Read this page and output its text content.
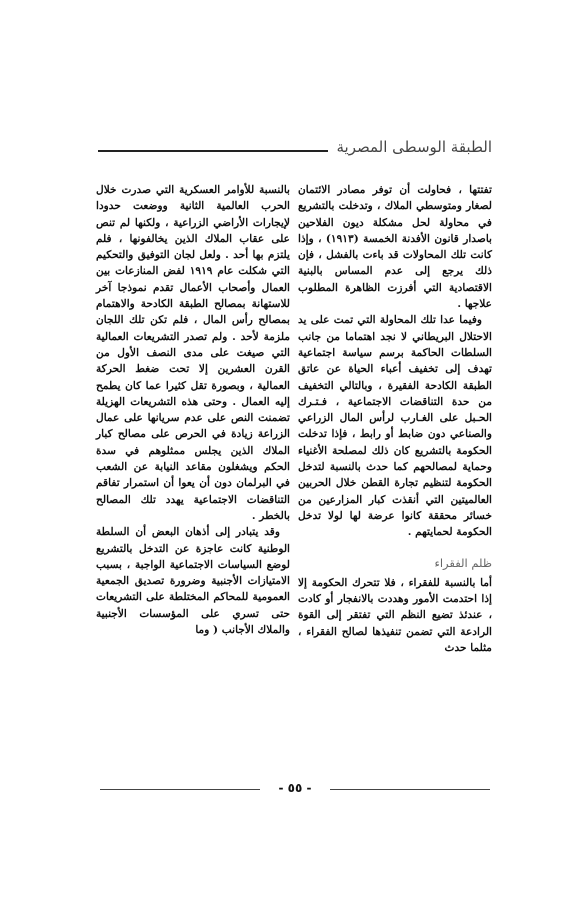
الطبقة الوسطى المصرية

تفتتها ، فحاولت أن توفر مصادر الائتمان لصغار ومتوسطي الملاك ، وتدخلت بالتشريع في محاولة لحل مشكلة ديون الفلاحين باصدار قانون الأفدنة الخمسة (١٩١٣) ، وإذا كانت تلك المحاولات قد باءت بالفشل ، فإن ذلك يرجع إلى عدم المساس بالبنية الاقتصادية التي أفرزت الظاهرة المطلوب علاجها .

وفيما عدا تلك المحاولة التي تمت على يد الاحتلال البريطاني لا نجد اهتماما من جانب السلطات الحاكمة برسم سياسة اجتماعية تهدف إلى تخفيف أعباء الحياة عن عاتق الطبقة الكادحة الفقيرة ، وبالتالي التخفيف من حدة التناقضات الاجتماعية ، فـتـرك الحـبل على الغـارب لرأس المال الزراعي والصناعي دون ضابط أو رابط ، فإذا تدخلت الحكومة بالتشريع كان ذلك لمصلحة الأغنياء وحماية لمصالحهم كما حدث بالنسبة لتدخل الحكومة لتنظيم تجارة القطن خلال الحربين العالميتين التي أنقذت كبار المزارعين من خسائر محققة كانوا عرضة لها لولا تدخل الحكومة لحمايتهم .

ظلم الفقراء

أما بالنسبة للفقراء ، فلا تتحرك الحكومة إلا إذا احتدمت الأمور وهددت بالانفجار أو كادت ، عندئذ تضيع النظم التي تفتقر إلى القوة الرادعة التي تضمن تنفيذها لصالح الفقراء ، مثلما حدث

بالنسبة للأوامر العسكرية التي صدرت خلال الحرب العالمية الثانية ووضعت حدودا لإيجارات الأراضي الزراعية ، ولكنها لم تنص على عقاب الملاك الذين يخالفونها ، فلم يلتزم بها أحد . ولعل لجان التوفيق والتحكيم التي شكلت عام ١٩١٩ لفض المنازعات بين العمال وأصحاب الأعمال تقدم نموذجا آخر للاستهانة بمصالح الطبقة الكادحة والاهتمام بمصالح رأس المال ، فلم تكن تلك اللجان ملزمة لأحد . ولم تصدر التشريعات العمالية التي صيغت على مدى النصف الأول من القرن العشرين إلا تحت ضغط الحركة العمالية ، وبصورة تقل كثيرا عما كان يطمح إليه العمال . وحتى هذه التشريعات الهزيلة تضمنت النص على عدم سريانها على عمال الزراعة زيادة في الحرص على مصالح كبار الملاك الذين يجلس ممثلوهم في سدة الحكم ويشغلون مقاعد النيابة عن الشعب في البرلمان دون أن يعوا أن استمرار تفاقم التناقضات الاجتماعية يهدد تلك المصالح بالخطر .

وقد يتبادر إلى أذهان البعض أن السلطة الوطنية كانت عاجزة عن التدخل بالتشريع لوضع السياسات الاجتماعية الواجبة ، بسبب الامتيازات الأجنبية وضرورة تصديق الجمعية العمومية للمحاكم المختلطة على التشريعات حتى تسري على المؤسسات الأجنبية والملاك الأجانب ( وما

- ٥٥ -
